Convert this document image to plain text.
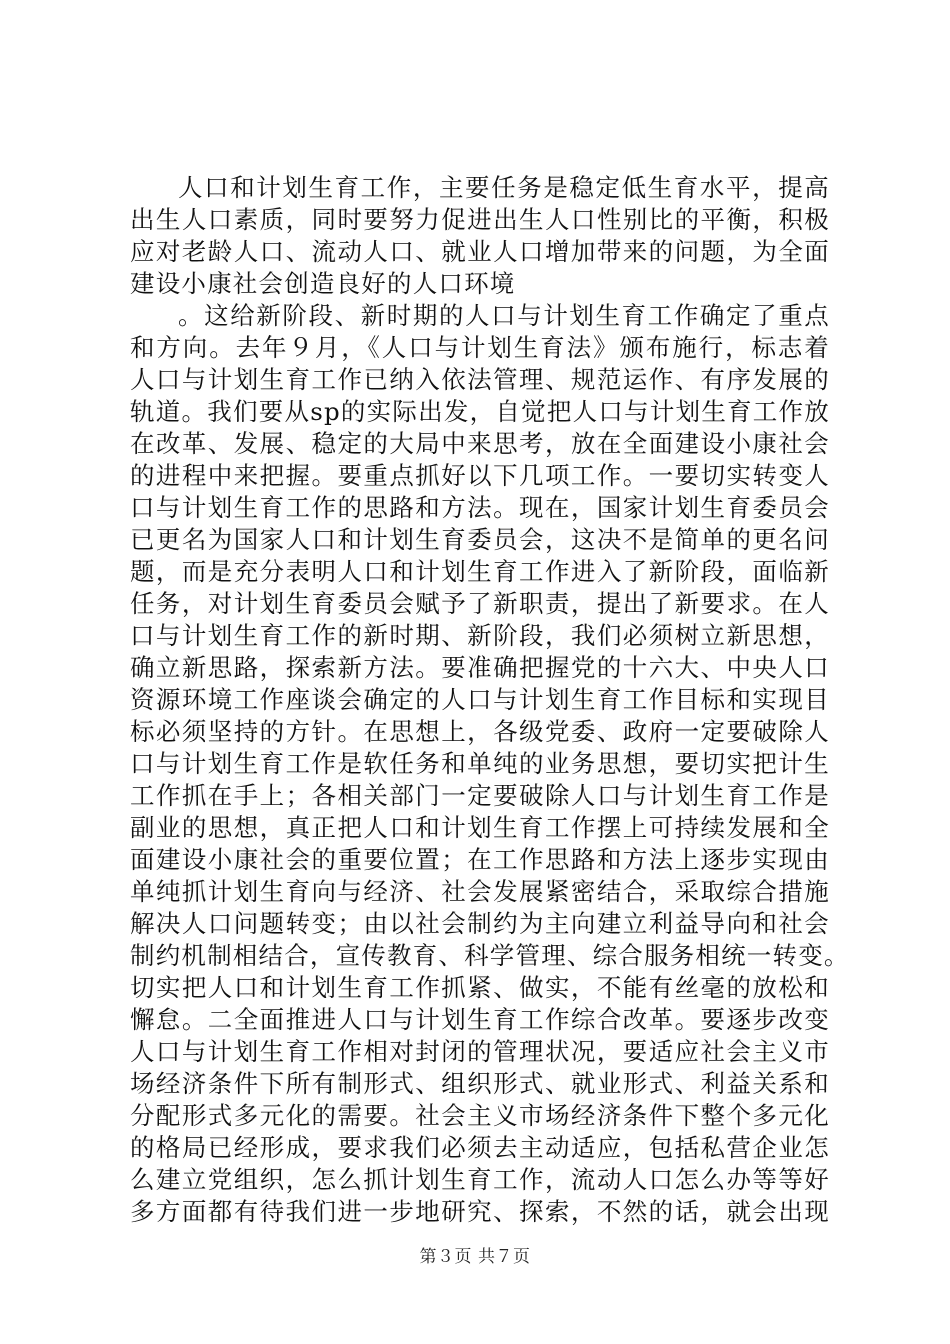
人口和计划生育工作，主要任务是稳定低生育水平，提高
出生人口素质，同时要努力促进出生人口性别比的平衡，积极
应对老龄人口、流动人口、就业人口增加带来的问题，为全面
建设小康社会创造良好的人口环境
。这给新阶段、新时期的人口与计划生育工作确定了重点
和方向。去年９月，《人口与计划生育法》颁布施行，标志着
人口与计划生育工作已纳入依法管理、规范运作、有序发展的
轨道。我们要从sp的实际出发，自觉把人口与计划生育工作放
在改革、发展、稳定的大局中来思考，放在全面建设小康社会
的进程中来把握。要重点抓好以下几项工作。一要切实转变人
口与计划生育工作的思路和方法。现在，国家计划生育委员会
已更名为国家人口和计划生育委员会，这决不是简单的更名问
题，而是充分表明人口和计划生育工作进入了新阶段，面临新
任务，对计划生育委员会赋予了新职责，提出了新要求。在人
口与计划生育工作的新时期、新阶段，我们必须树立新思想，
确立新思路，探索新方法。要准确把握党的十六大、中央人口
资源环境工作座谈会确定的人口与计划生育工作目标和实现目
标必须坚持的方针。在思想上，各级党委、政府一定要破除人
口与计划生育工作是软任务和单纯的业务思想，要切实把计生
工作抓在手上；各相关部门一定要破除人口与计划生育工作是
副业的思想，真正把人口和计划生育工作摆上可持续发展和全
面建设小康社会的重要位置；在工作思路和方法上逐步实现由
单纯抓计划生育向与经济、社会发展紧密结合，采取综合措施
解决人口问题转变；由以社会制约为主向建立利益导向和社会
制约机制相结合，宣传教育、科学管理、综合服务相统一转变。
切实把人口和计划生育工作抓紧、做实，不能有丝毫的放松和
懈怠。二全面推进人口与计划生育工作综合改革。要逐步改变
人口与计划生育工作相对封闭的管理状况，要适应社会主义市
场经济条件下所有制形式、组织形式、就业形式、利益关系和
分配形式多元化的需要。社会主义市场经济条件下整个多元化
的格局已经形成，要求我们必须去主动适应，包括私营企业怎
么建立党组织，怎么抓计划生育工作，流动人口怎么办等等好
多方面都有待我们进一步地研究、探索，不然的话，就会出现
第３页 共７页
